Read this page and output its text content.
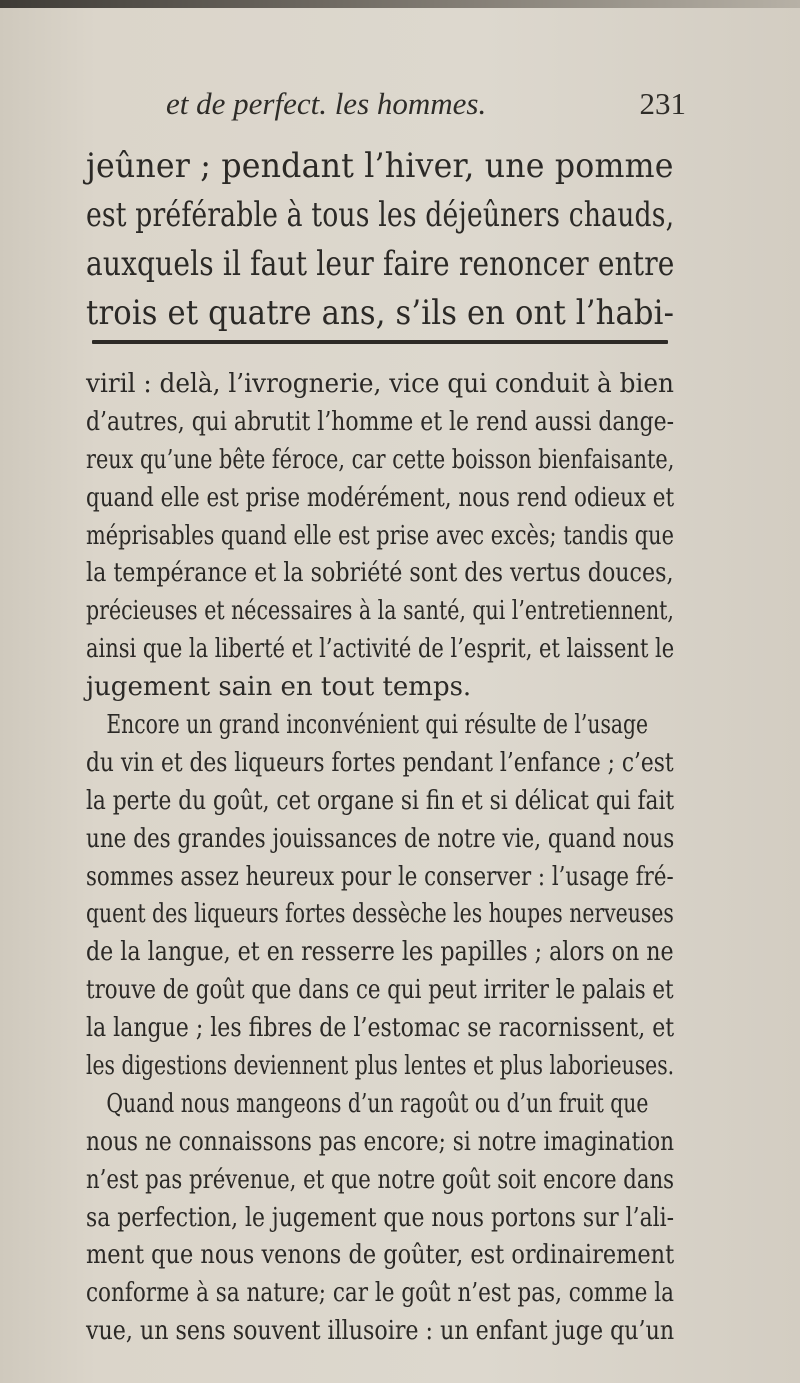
et de perfect. les hommes.	231
jeûner ; pendant l’hiver, une pomme
est préférable à tous les déjeûners chauds,
auxquels il faut leur faire renoncer entre
trois et quatre ans, s’ils en ont l’habi-
viril : delà, l’ivrognerie, vice qui conduit à bien
d’autres, qui abrutit l’homme et le rend aussi dange-
reux qu’une bête féroce, car cette boisson bienfaisante,
quand elle est prise modérément, nous rend odieux et
méprisables quand elle est prise avec excès; tandis que
la tempérance et la sobriété sont des vertus douces,
précieuses et nécessaires à la santé, qui l’entretiennent,
ainsi que la liberté et l’activité de l’esprit, et laissent le
jugement sain en tout temps.
Encore un grand inconvénient qui résulte de l’usage
du vin et des liqueurs fortes pendant l’enfance ; c’est
la perte du goût, cet organe si fin et si délicat qui fait
une des grandes jouissances de notre vie, quand nous
sommes assez heureux pour le conserver : l’usage fré-
quent des liqueurs fortes dessèche les houpes nerveuses
de la langue, et en resserre les papilles ; alors on ne
trouve de goût que dans ce qui peut irriter le palais et
la langue ; les fibres de l’estomac se racornissent, et
les digestions deviennent plus lentes et plus laborieuses.
Quand nous mangeons d’un ragoût ou d’un fruit que
nous ne connaissons pas encore; si notre imagination
n’est pas prévenue, et que notre goût soit encore dans
sa perfection, le jugement que nous portons sur l’ali-
ment que nous venons de goûter, est ordinairement
conforme à sa nature; car le goût n’est pas, comme la
vue, un sens souvent illusoire : un enfant juge qu’un
